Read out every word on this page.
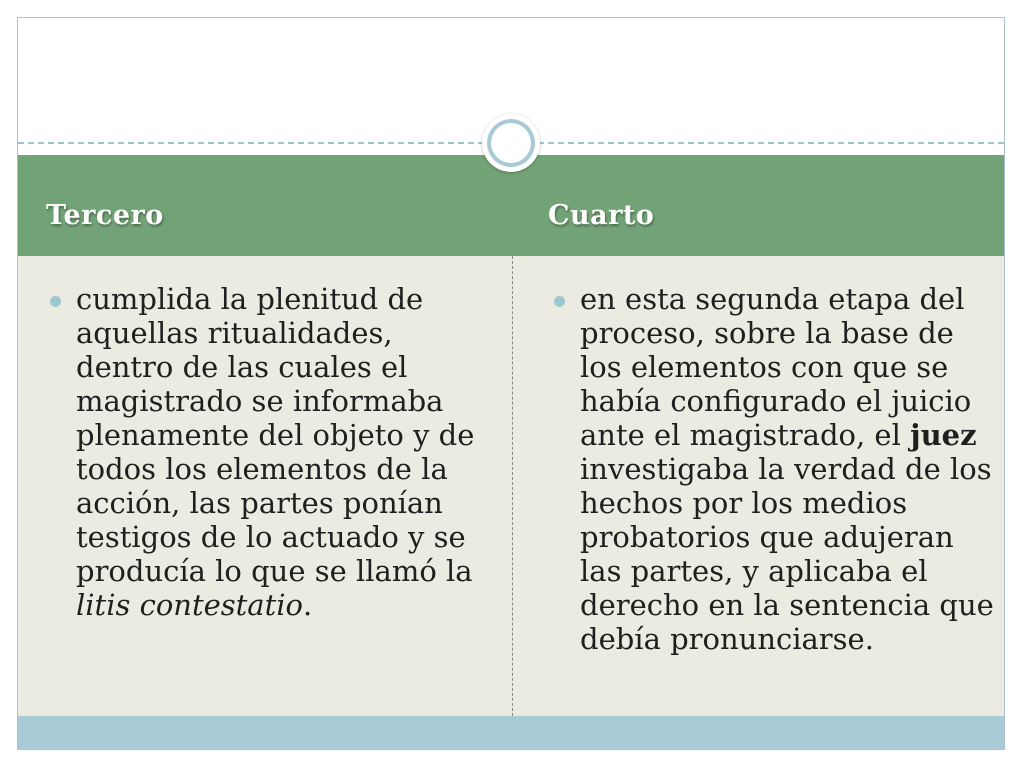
Tercero	Cuarto
cumplida la plenitud de aquellas ritualidades, dentro de las cuales el magistrado se informaba plenamente del objeto y de todos los elementos de la acción, las partes ponían testigos de lo actuado y se producía lo que se llamó la litis contestatio.
en esta segunda etapa del proceso, sobre la base de los elementos con que se había configurado el juicio ante el magistrado, el juez investigaba la verdad de los hechos por los medios probatorios que adujeran las partes, y aplicaba el derecho en la sentencia que debía pronunciarse.
